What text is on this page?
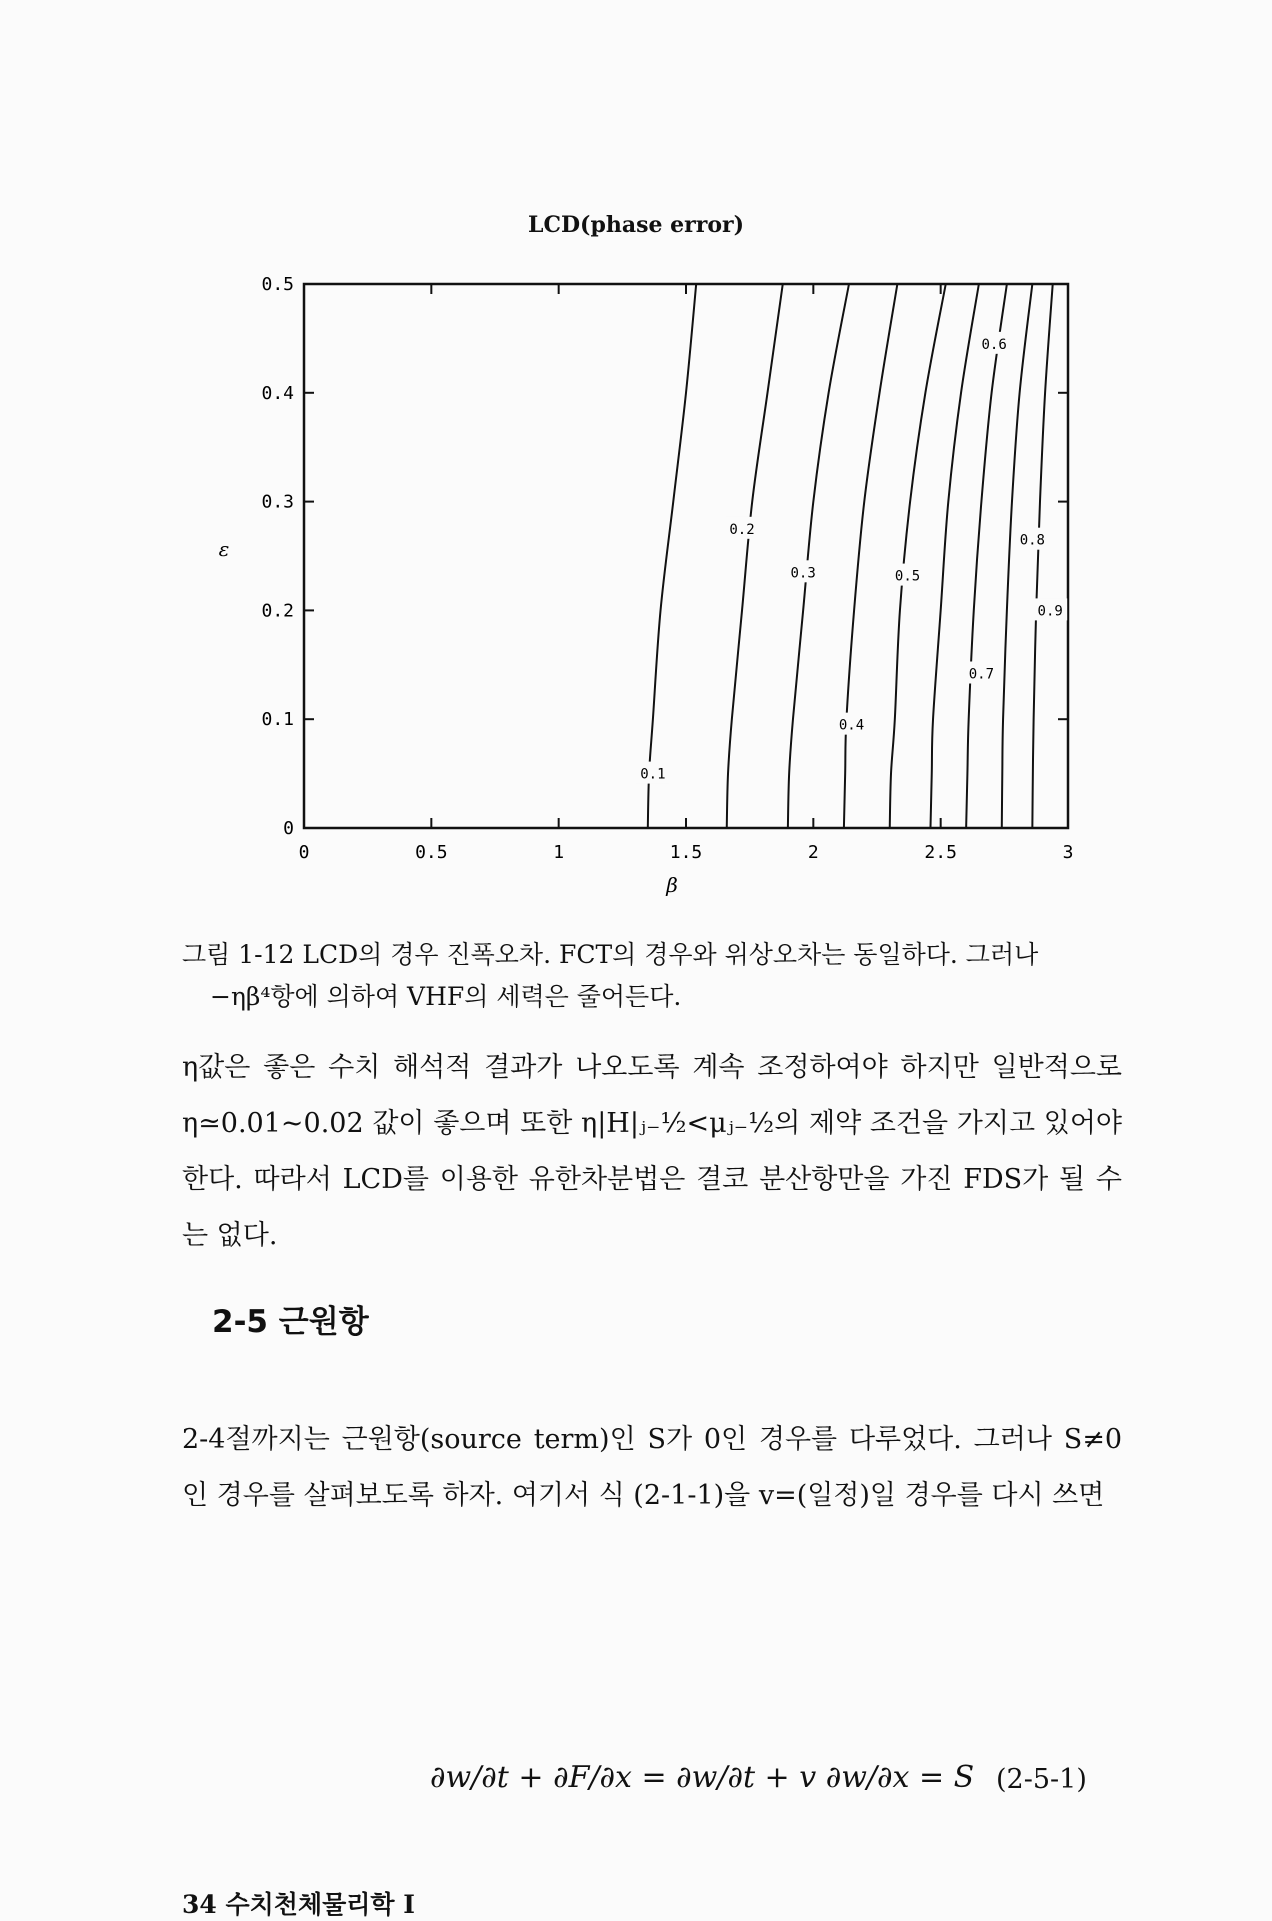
LCD(phase error)
0	0.5	1	1.5	2	2.5	3
0
0.1
0.2
0.3
0.4
0.5
β
ε
0.1
0.2
0.3
0.4
0.5
0.6
0.7
0.8
0.9
그림 1-12 LCD의 경우 진폭오차. FCT의 경우와 위상오차는 동일하다. 그러나
−ηβ⁴항에 의하여 VHF의 세력은 줄어든다.
η값은 좋은 수치 해석적 결과가 나오도록 계속 조정하여야 하지만 일반적으로 η≃0.01~0.02 값이 좋으며 또한 η|H|ⱼ₋½<μⱼ₋½의 제약 조건을 가지고 있어야 한다. 따라서 LCD를 이용한 유한차분법은 결코 분산항만을 가진 FDS가 될 수는 없다.
2-5 근원항
2-4절까지는 근원항(source term)인 S가 0인 경우를 다루었다. 그러나 S≠0인 경우를 살펴보도록 하자. 여기서 식 (2-1-1)을 v=(일정)일 경우를 다시 쓰면
∂w/∂t + ∂F/∂x = ∂w/∂t + v ∂w/∂x = S (2-5-1)
34 수치천체물리학 Ⅰ
